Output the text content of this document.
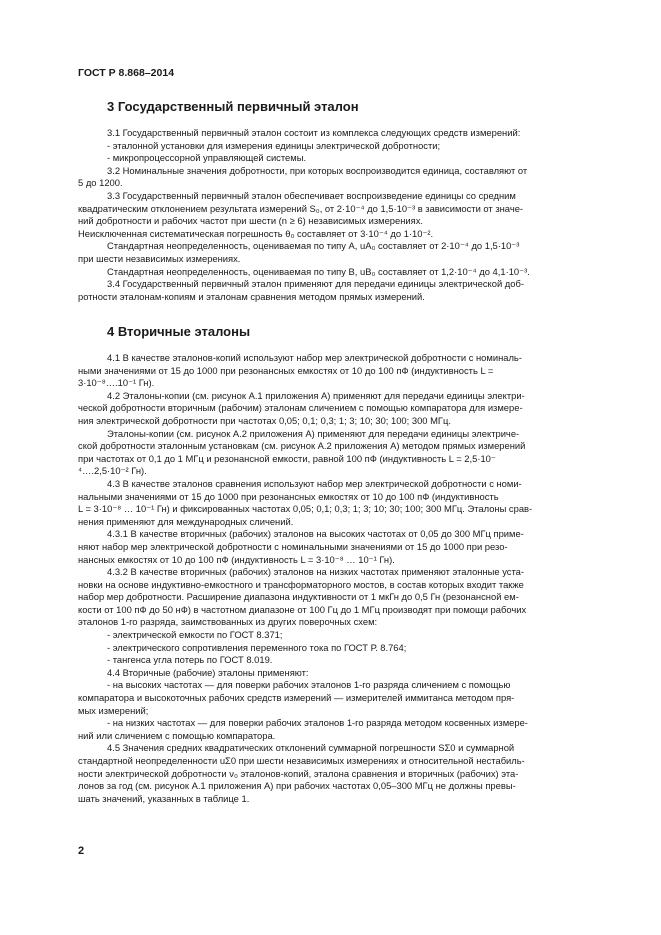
ГОСТ Р 8.868–2014
3 Государственный первичный эталон

3.1 Государственный первичный эталон состоит из комплекса следующих средств измерений:

- эталонной установки для измерения единицы электрической добротности;

- микропроцессорной управляющей системы.

3.2 Номинальные значения добротности, при которых воспроизводится единица, составляют от

5 до 1200.

3.3 Государственный первичный эталон обеспечивает воспроизведение единицы со средним

квадратическим отклонением результата измерений S₀, от 2·10⁻⁴ до 1,5·10⁻³ в зависимости от значе-

ний добротности и рабочих частот при шести (n ≥ 6) независимых измерениях.

Неисключенная систематическая погрешность θ₀ составляет от 3·10⁻⁴ до 1·10⁻².

Стандартная неопределенность, оцениваемая по типу А, uA₀ составляет от 2·10⁻⁴ до 1,5·10⁻³

при шести независимых измерениях.

Стандартная неопределенность, оцениваемая по типу В, uB₀ составляет от 1,2·10⁻⁴ до 4,1·10⁻³.

3.4 Государственный первичный эталон применяют для передачи единицы электрической доб-

ротности эталонам-копиям и эталонам сравнения методом прямых измерений.

4 Вторичные эталоны

4.1 В качестве эталонов-копий используют набор мер электрической добротности с номиналь-

ными значениями от 15 до 1000 при резонансных емкостях от 10 до 100 пФ (индуктивность L =

3·10⁻⁸….10⁻¹ Гн).

4.2 Эталоны-копии (см. рисунок А.1 приложения А) применяют для передачи единицы электри-

ческой добротности вторичным (рабочим) эталонам сличением с помощью компаратора для измере-

ния электрической добротности при частотах 0,05; 0,1; 0,3; 1; 3; 10; 30; 100; 300 МГц.

Эталоны-копии (см. рисунок А.2 приложения А) применяют для передачи единицы электриче-

ской добротности эталонным установкам (см. рисунок А.2 приложения А) методом прямых измерений

при частотах от 0,1 до 1 МГц и резонансной емкости, равной 100 пФ (индуктивность L = 2,5·10⁻

⁴….2,5·10⁻² Гн).

4.3 В качестве эталонов сравнения используют набор мер электрической добротности с номи-

нальными значениями от 15 до 1000 при резонансных емкостях от 10 до 100 пФ (индуктивность

L = 3·10⁻⁸ … 10⁻¹ Гн) и фиксированных частотах 0,05; 0,1; 0,3; 1; 3; 10; 30; 100; 300 МГц. Эталоны срав-

нения применяют для международных сличений.

4.3.1 В качестве вторичных (рабочих) эталонов на высоких частотах от 0,05 до 300 МГц приме-

няют набор мер электрической добротности с номинальными значениями от 15 до 1000 при резо-

нансных емкостях от 10 до 100 пФ (индуктивность L = 3·10⁻⁸ … 10⁻¹ Гн).

4.3.2 В качестве вторичных (рабочих) эталонов на низких частотах применяют эталонные уста-

новки на основе индуктивно-емкостного и трансформаторного мостов, в состав которых входит также

набор мер добротности. Расширение диапазона индуктивности от 1 мкГн до 0,5 Гн (резонансной ем-

кости от 100 пФ до 50 нФ) в частотном диапазоне от 100 Гц до 1 МГц производят при помощи рабочих

эталонов 1-го разряда, заимствованных из других поверочных схем:

- электрической емкости по ГОСТ 8.371;

- электрического сопротивления переменного тока по ГОСТ Р. 8.764;

- тангенса угла потерь по ГОСТ 8.019.

4.4 Вторичные (рабочие) эталоны применяют:

- на высоких частотах — для поверки рабочих эталонов 1-го разряда сличением с помощью

компаратора и высокоточных рабочих средств измерений — измерителей иммитанса методом пря-

мых измерений;

- на низких частотах — для поверки рабочих эталонов 1-го разряда методом косвенных измере-

ний или сличением с помощью компаратора.

4.5 Значения средних квадратических отклонений суммарной погрешности SΣ0 и суммарной

стандартной неопределенности uΣ0 при шести независимых измерениях и относительной нестабиль-

ности электрической добротности ν₀ эталонов-копий, эталона сравнения и вторичных (рабочих) эта-

лонов за год (см. рисунок А.1 приложения А) при рабочих частотах 0,05–300 МГц не должны превы-

шать значений, указанных в таблице 1.

2
